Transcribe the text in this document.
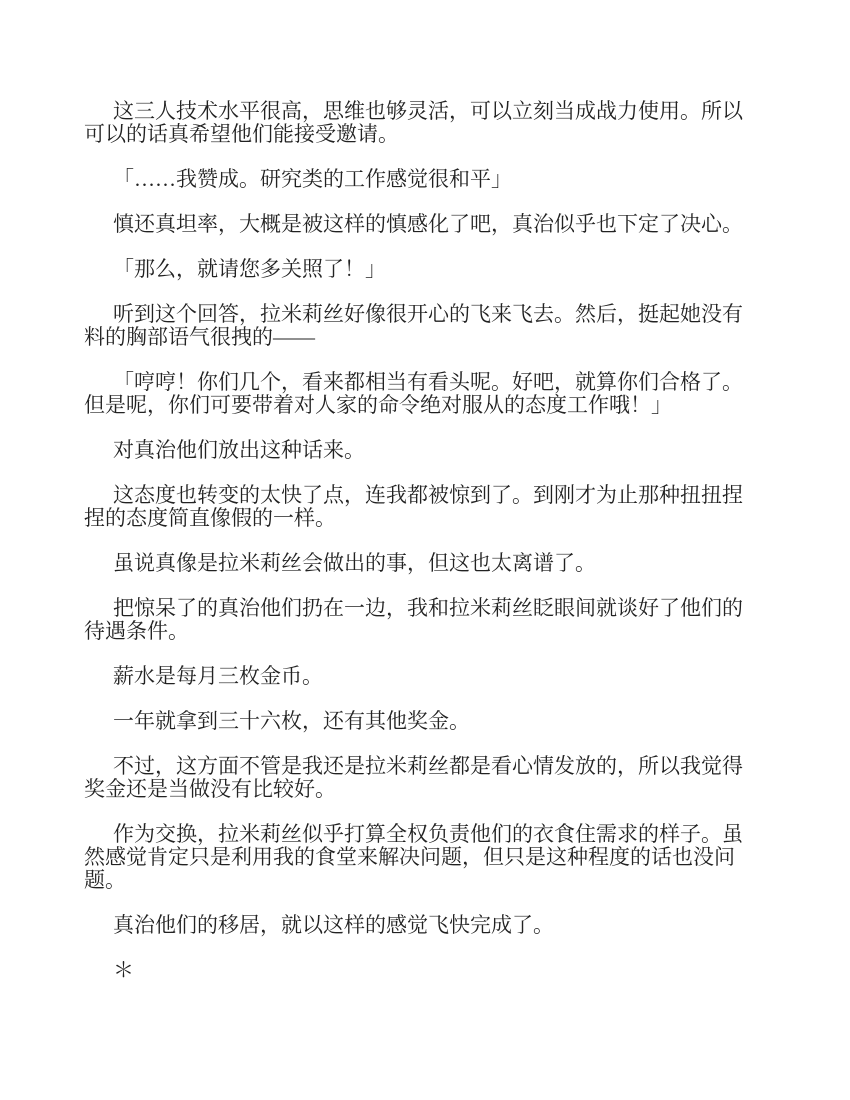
这三人技术水平很高，思维也够灵活，可以立刻当成战力使用。所以
可以的话真希望他们能接受邀请。
「……我赞成。研究类的工作感觉很和平」
慎还真坦率，大概是被这样的慎感化了吧，真治似乎也下定了决心。
「那么，就请您多关照了！」
听到这个回答，拉米莉丝好像很开心的飞来飞去。然后，挺起她没有
料的胸部语气很拽的——
「哼哼！你们几个，看来都相当有看头呢。好吧，就算你们合格了。
但是呢，你们可要带着对人家的命令绝对服从的态度工作哦！」
对真治他们放出这种话来。
这态度也转变的太快了点，连我都被惊到了。到刚才为止那种扭扭捏
捏的态度简直像假的一样。
虽说真像是拉米莉丝会做出的事，但这也太离谱了。
把惊呆了的真治他们扔在一边，我和拉米莉丝眨眼间就谈好了他们的
待遇条件。
薪水是每月三枚金币。
一年就拿到三十六枚，还有其他奖金。
不过，这方面不管是我还是拉米莉丝都是看心情发放的，所以我觉得
奖金还是当做没有比较好。
作为交换，拉米莉丝似乎打算全权负责他们的衣食住需求的样子。虽
然感觉肯定只是利用我的食堂来解决问题，但只是这种程度的话也没问
题。
真治他们的移居，就以这样的感觉飞快完成了。
＊
